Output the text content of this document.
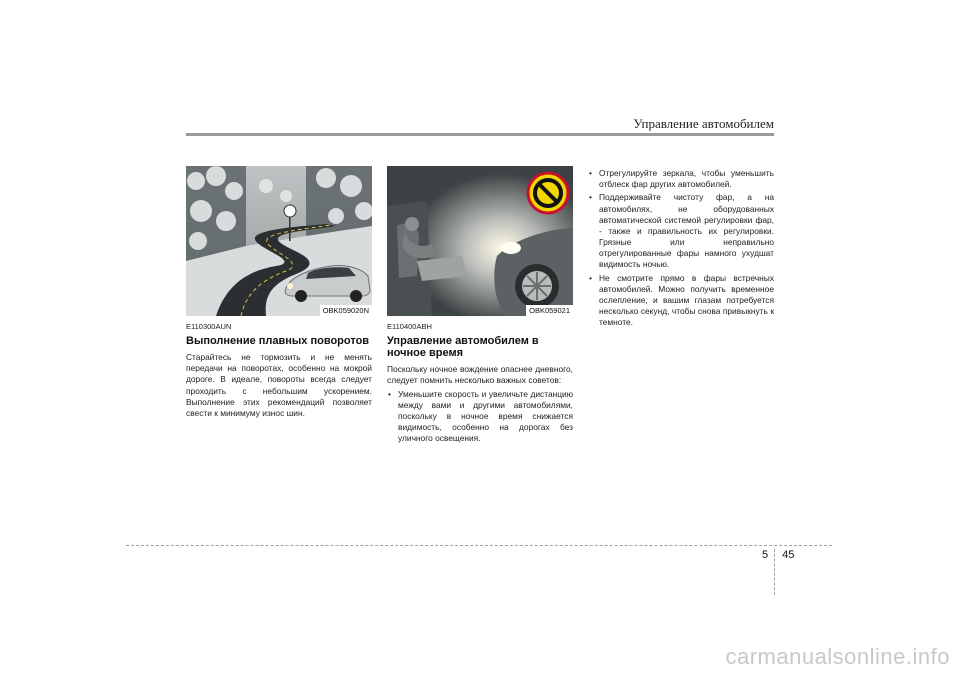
Управление автомобилем
OBK059020N
E110300AUN
Выполнение плавных поворотов

Старайтесь не тормозить и не менять передачи на поворотах, особенно на мокрой дороге. В идеале, повороты всегда следует проходить с небольшим ускорением. Выполнение этих рекомендаций позволяет свести к минимуму износ шин.

OBK059021
E110400ABH
Управление автомобилем в ночное время

Поскольку ночное вождение опаснее дневного, следует помнить несколько важных советов:

• Уменьшите скорость и увеличьте дистанцию между вами и другими автомобилями, поскольку в ночное время снижается видимость, особенно на дорогах без уличного освещения.
• Отрегулируйте зеркала, чтобы уменьшить отблеск фар других автомобилей.
• Поддерживайте чистоту фар, а на автомобилях, не оборудованных автоматической системой регулировки фар, - также и правильность их регулировки. Грязные или неправильно отрегулированные фары намного ухудшат видимость ночью.
• Не смотрите прямо в фары встречных автомобилей. Можно получить временное ослепление, и вашим глазам потребуется несколько секунд, чтобы снова привыкнуть к темноте.
5 45
carmanualsonline.info
